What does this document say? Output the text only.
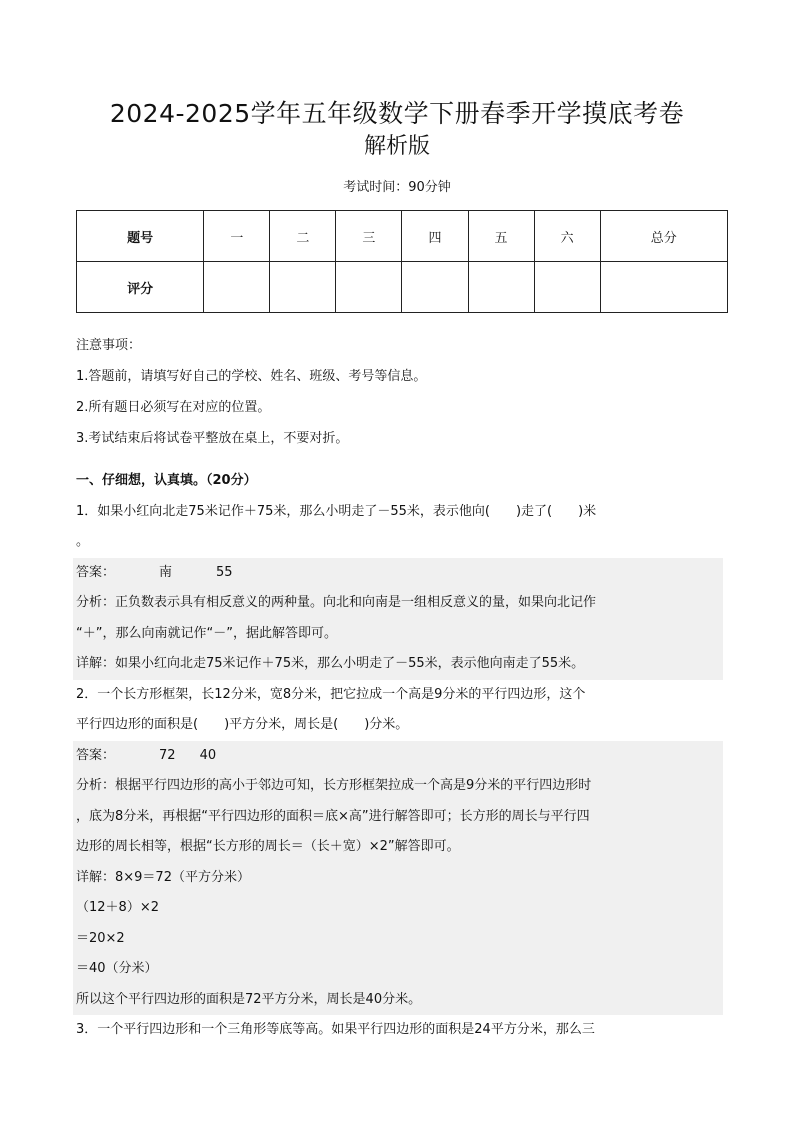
2024-2025学年五年级数学下册春季开学摸底考卷
解析版
考试时间：90分钟
题号	一	二	三	四	五	六	总分
评分							
注意事项：
1.答题前，请填写好自己的学校、姓名、班级、考号等信息。
2.所有题日必须写在对应的位置。
3.考试结束后将试卷平整放在桌上，不要对折。
一、仔细想，认真填。（20分）
1．如果小红向北走75米记作＋75米，那么小明走了－55米，表示他向(　　)走了(　　)米
。
答案：	南	55
分析：正负数表示具有相反意义的两种量。向北和向南是一组相反意义的量，如果向北记作
“＋”，那么向南就记作“－”，据此解答即可。
详解：如果小红向北走75米记作＋75米，那么小明走了－55米，表示他向南走了55米。
2．一个长方形框架，长12分米，宽8分米，把它拉成一个高是9分米的平行四边形，这个
平行四边形的面积是(　　)平方分米，周长是(　　)分米。
答案：	72 40
分析：根据平行四边形的高小于邻边可知，长方形框架拉成一个高是9分米的平行四边形时
，底为8分米，再根据“平行四边形的面积＝底×高”进行解答即可；长方形的周长与平行四
边形的周长相等，根据“长方形的周长＝（长＋宽）×2”解答即可。
详解：8×9＝72（平方分米）
（12＋8）×2
＝20×2
＝40（分米）
所以这个平行四边形的面积是72平方分米，周长是40分米。
3．一个平行四边形和一个三角形等底等高。如果平行四边形的面积是24平方分米，那么三
